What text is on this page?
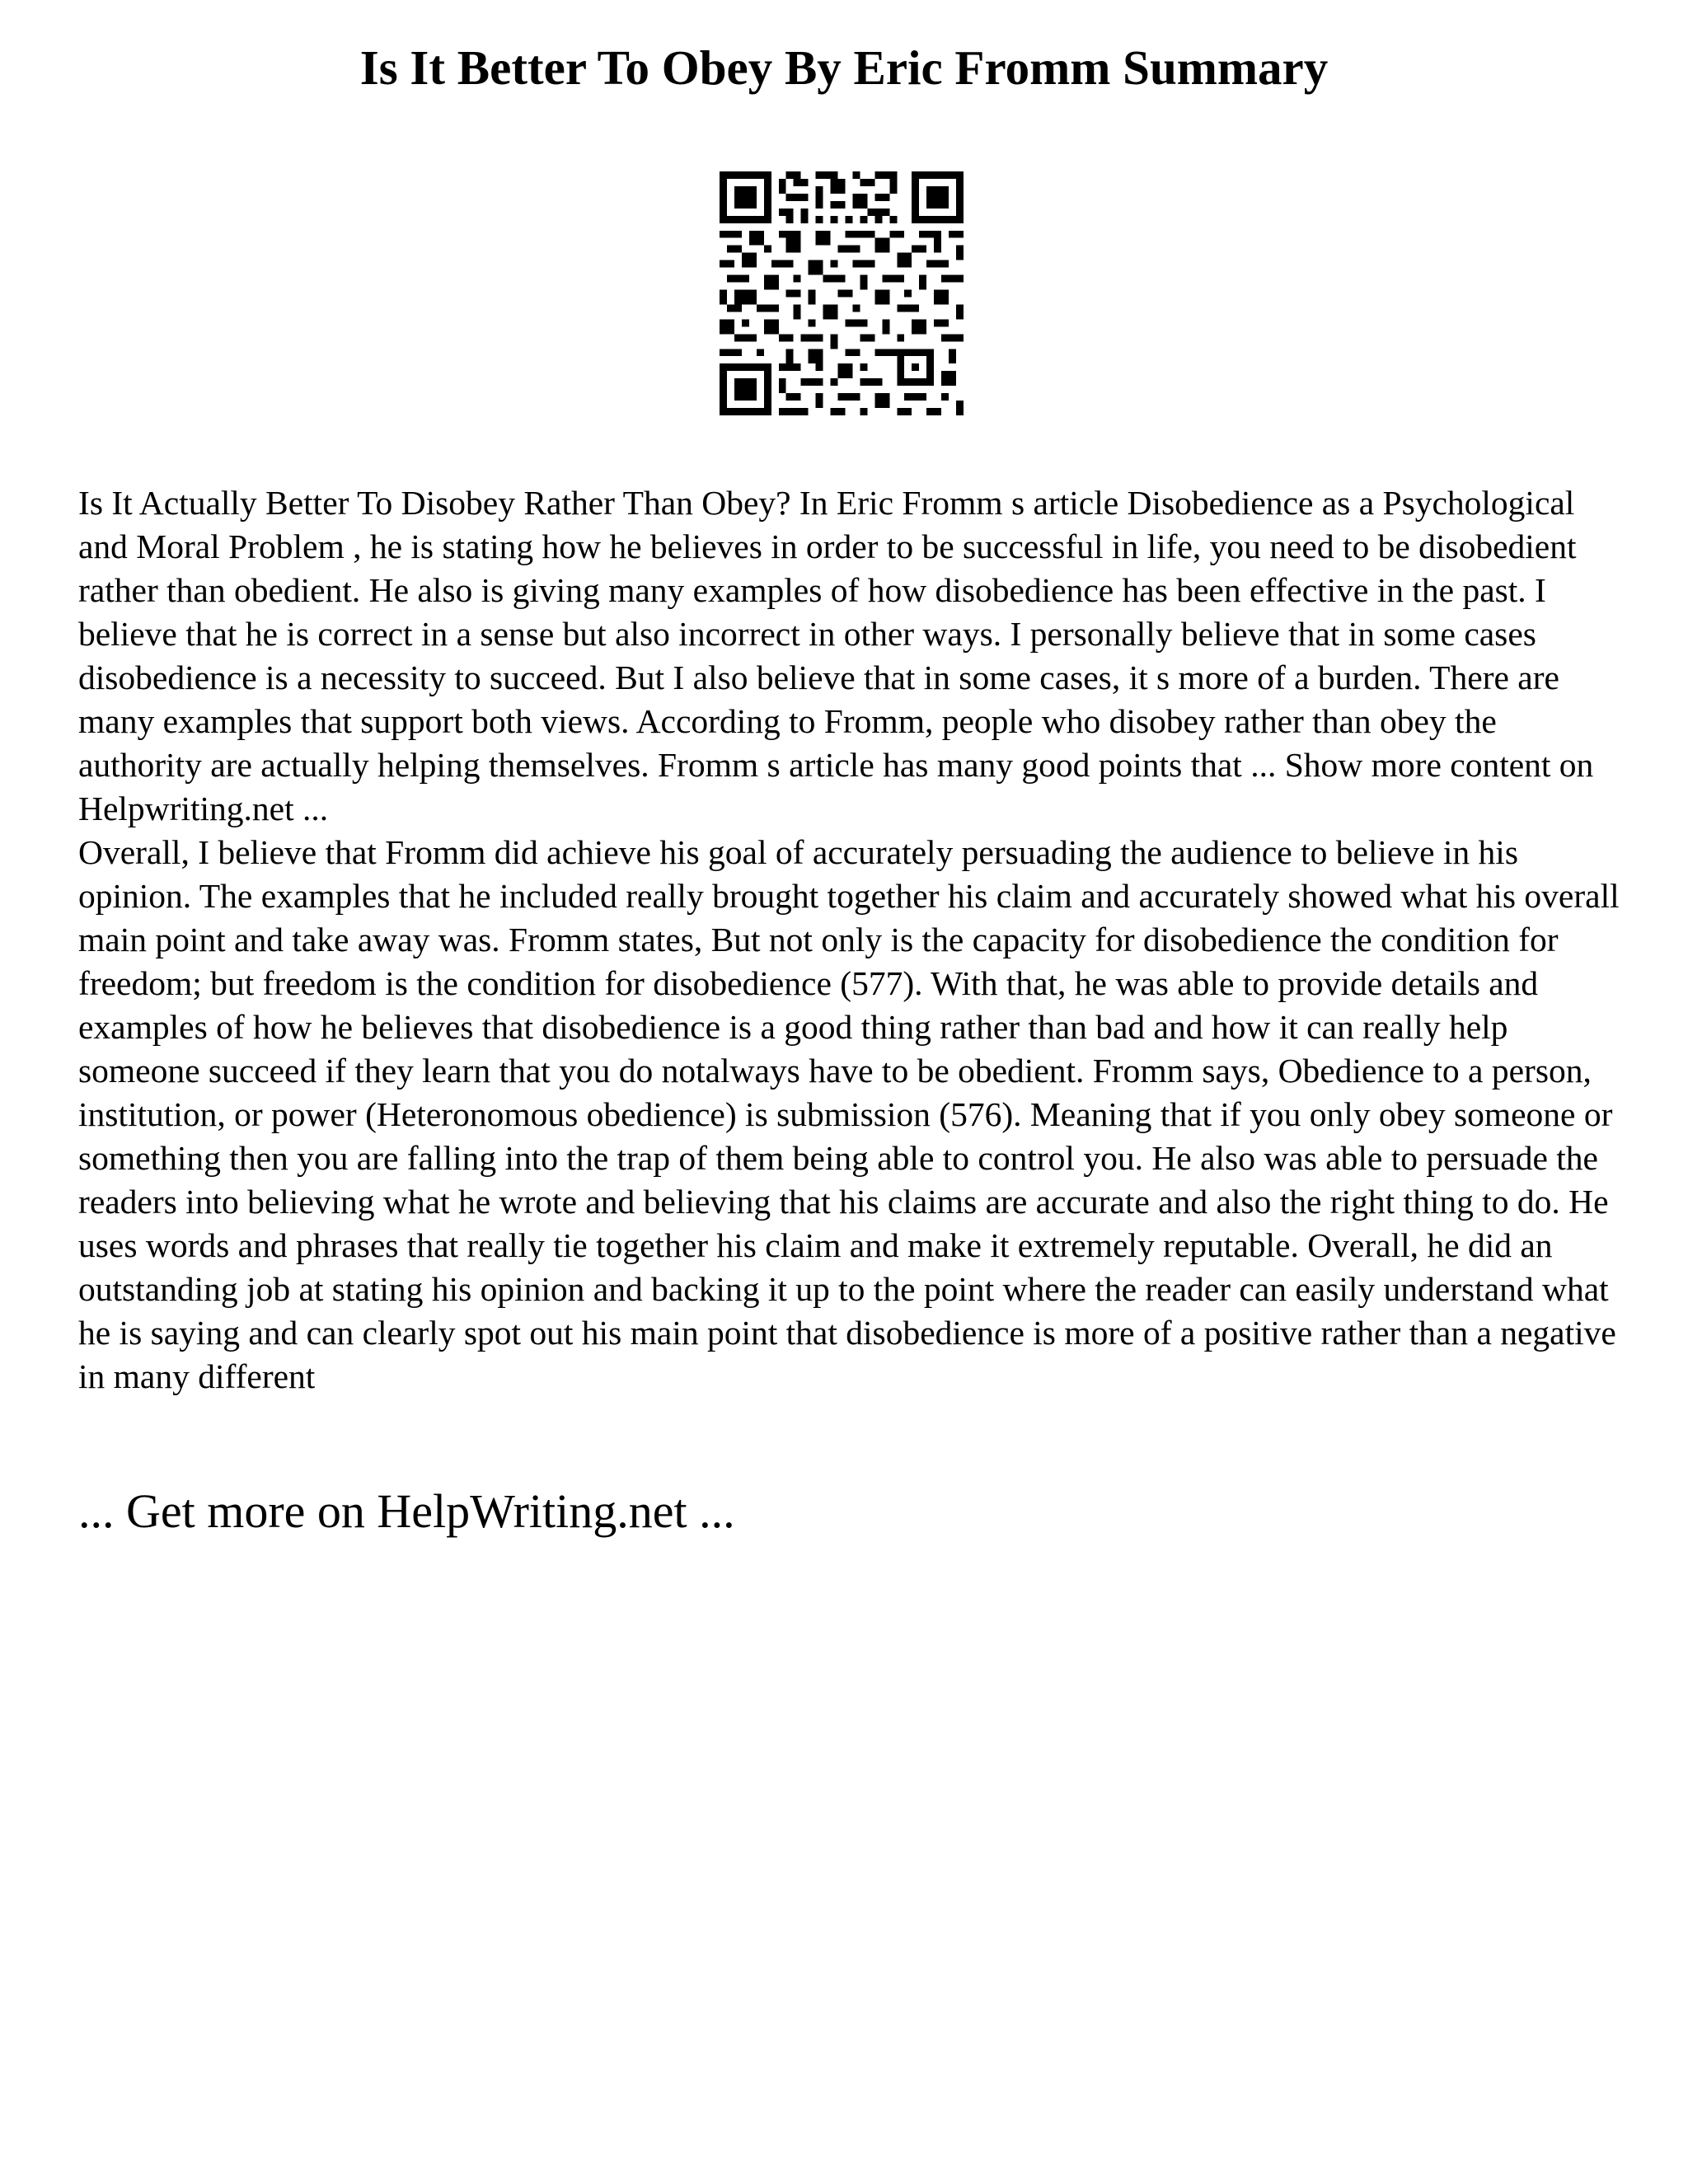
Is It Better To Obey By Eric Fromm Summary

Is It Actually Better To Disobey Rather Than Obey? In Eric Fromm s article Disobedience as a Psychological and Moral Problem , he is stating how he believes in order to be successful in life, you need to be disobedient rather than obedient. He also is giving many examples of how disobedience has been effective in the past. I believe that he is correct in a sense but also incorrect in other ways. I personally believe that in some cases disobedience is a necessity to succeed. But I also believe that in some cases, it s more of a burden. There are many examples that support both views. According to Fromm, people who disobey rather than obey the authority are actually helping themselves. Fromm s article has many good points that ... Show more content on Helpwriting.net ...

Overall, I believe that Fromm did achieve his goal of accurately persuading the audience to believe in his opinion. The examples that he included really brought together his claim and accurately showed what his overall main point and take away was. Fromm states, But not only is the capacity for disobedience the condition for freedom; but freedom is the condition for disobedience (577). With that, he was able to provide details and examples of how he believes that disobedience is a good thing rather than bad and how it can really help someone succeed if they learn that you do notalways have to be obedient. Fromm says, Obedience to a person, institution, or power (Heteronomous obedience) is submission (576). Meaning that if you only obey someone or something then you are falling into the trap of them being able to control you. He also was able to persuade the readers into believing what he wrote and believing that his claims are accurate and also the right thing to do. He uses words and phrases that really tie together his claim and make it extremely reputable. Overall, he did an outstanding job at stating his opinion and backing it up to the point where the reader can easily understand what he is saying and can clearly spot out his main point that disobedience is more of a positive rather than a negative in many different

... Get more on HelpWriting.net ...
